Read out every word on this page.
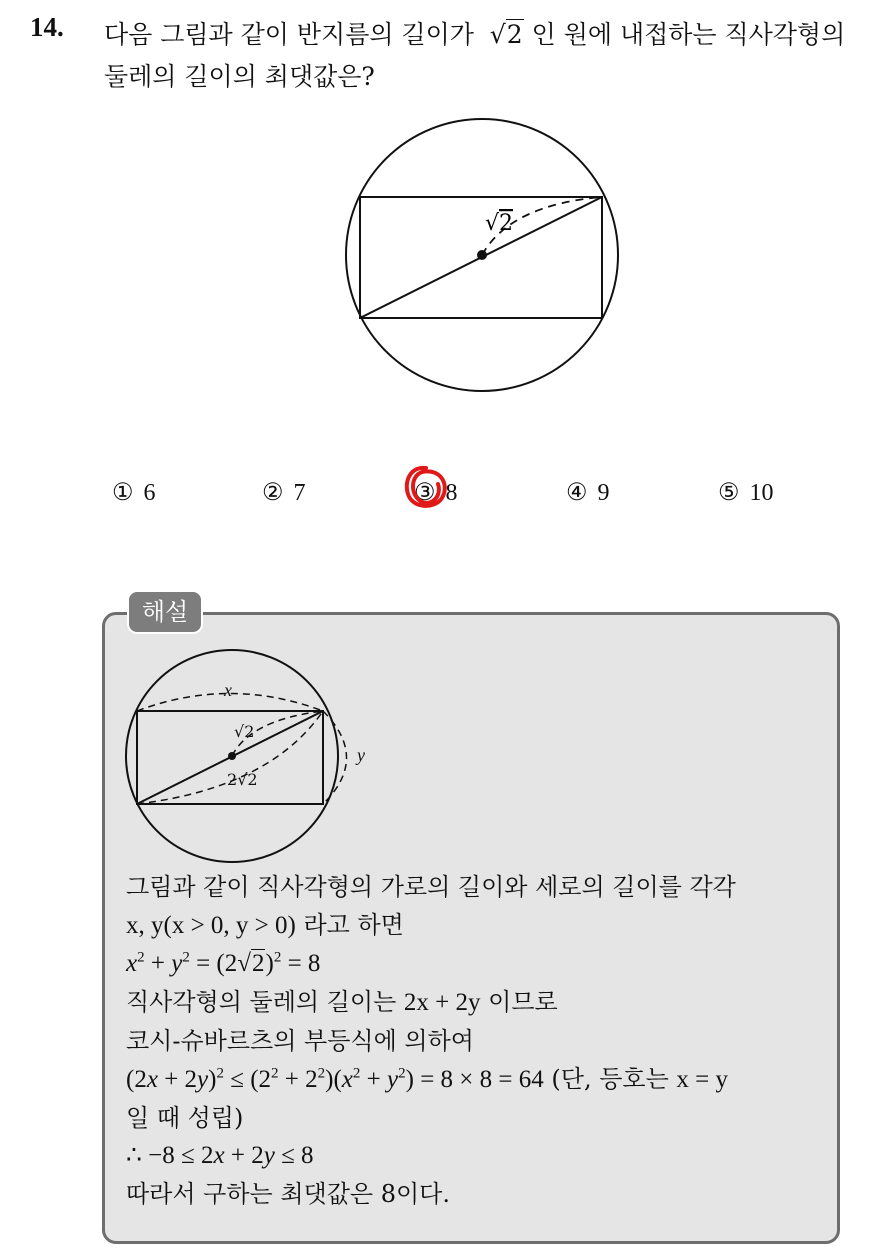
14. 다음 그림과 같이 반지름의 길이가  √2 인 원에 내접하는 직사각형의
둘레의 길이의 최댓값은?
√2
① 6	② 7	③ 8	④ 9	⑤ 10
해설
x
y
√2
2√2
그림과 같이 직사각형의 가로의 길이와 세로의 길이를 각각
x, y(x > 0, y > 0) 라고 하면
$x^2 + y^2 = (2√2)^2 = 8$
직사각형의 둘레의 길이는 2x + 2y 이므로
코시-슈바르츠의 부등식에 의하여
$(2x + 2y)^2 \le (2^2 + 2^2)(x^2 + y^2) = 8 \times 8 = 64$ (단, 등호는 x = y
일 때 성립)
∴ −8 ≤ 2x + 2y ≤ 8
따라서 구하는 최댓값은 8이다.
